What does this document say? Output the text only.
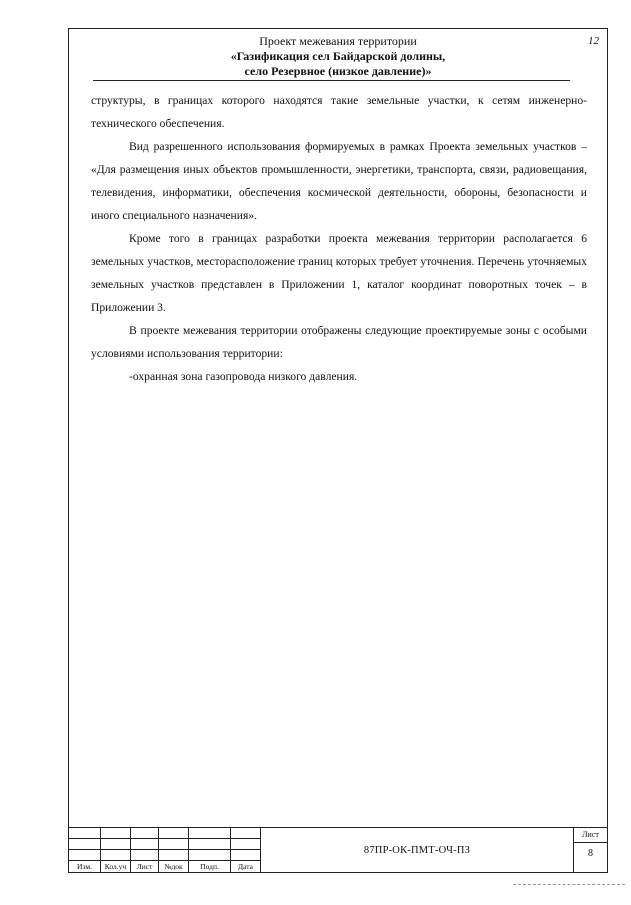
12
Проект межевания территории
«Газификация сел Байдарской долины,
село Резервное (низкое давление)»

структуры, в границах которого находятся такие земельные участки, к сетям инженерно-технического обеспечения.

Вид разрешенного использования формируемых в рамках Проекта земельных участков – «Для размещения иных объектов промышленности, энергетики, транспорта, связи, радиовещания, телевидения, информатики, обеспечения космической деятельности, обороны, безопасности и иного специального назначения».

Кроме того в границах разработки проекта межевания территории располагается 6 земельных участков, месторасположение границ которых требует уточнения. Перечень уточняемых земельных участков представлен в Приложении 1, каталог координат поворотных точек – в Приложении 3.

В проекте межевания территории отображены следующие проектируемые зоны с особыми условиями использования территории:

-охранная зона газопровода низкого давления.

Изм.	Кол.уч	Лист	№док	Подп.	Дата
87ПР-ОК-ПМТ-ОЧ-ПЗ
Лист
8
